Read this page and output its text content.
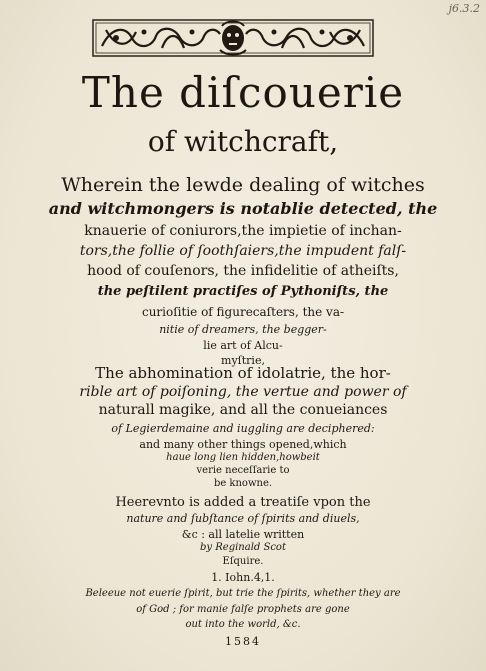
j6.3.2
The diſcouerie
of witchcraft,
Wherein the lewde dealing of witches
and witchmongers is notablie detected, the
knauerie of coniurors,the impietie of inchan-
tors,the follie of ſoothſaiers,the impudent falſ-
hood of couſenors, the infidelitie of atheiſts,
the peſtilent practiſes of Pythoniſts, the
curioſitie of figurecaſters, the va-
nitie of dreamers, the begger-
lie art of Alcu-
myſtrie,
The abhomination of idolatrie, the hor-
rible art of poiſoning, the vertue and power of
naturall magike, and all the conueiances
of Legierdemaine and iuggling are deciphered:
and many other things opened,which
haue long lien hidden,howbeit
verie neceſſarie to
be knowne.
Heerevnto is added a treatiſe vpon the
nature and ſubſtance of ſpirits and diuels,
&c : all latelie written
by Reginald Scot
Eſquire.
1. Iohn.4,1.
Beleeue not euerie ſpirit, but trie the ſpirits, whether they are
of God ; for manie falſe prophets are gone
out into the world, &c.
1584
